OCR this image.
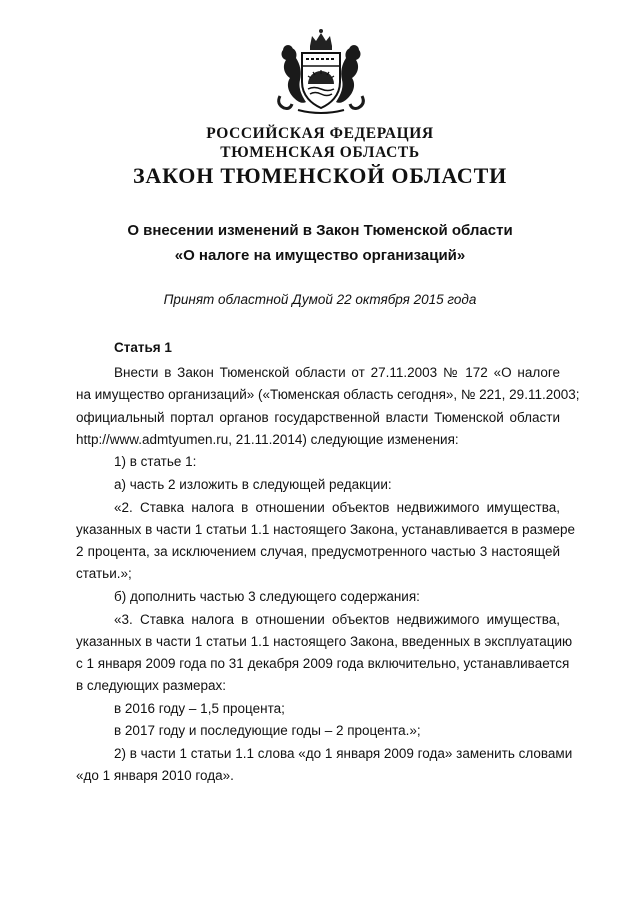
РОССИЙСКАЯ ФЕДЕРАЦИЯ
ТЮМЕНСКАЯ ОБЛАСТЬ
ЗАКОН ТЮМЕНСКОЙ ОБЛАСТИ
О внесении изменений в Закон Тюменской области
«О налоге на имущество организаций»
Принят областной Думой 22 октября 2015 года
Статья 1
Внести в Закон Тюменской области от 27.11.2003 № 172 «О налоге
на имущество организаций» («Тюменская область сегодня», № 221, 29.11.2003;
официальный портал органов государственной власти Тюменской области
http://www.admtyumen.ru, 21.11.2014) следующие изменения:
1) в статье 1:
а) часть 2 изложить в следующей редакции:
«2. Ставка налога в отношении объектов недвижимого имущества,
указанных в части 1 статьи 1.1 настоящего Закона, устанавливается в размере
2 процента, за исключением случая, предусмотренного частью 3 настоящей
статьи.»;
б) дополнить частью 3 следующего содержания:
«3. Ставка налога в отношении объектов недвижимого имущества,
указанных в части 1 статьи 1.1 настоящего Закона, введенных в эксплуатацию
с 1 января 2009 года по 31 декабря 2009 года включительно, устанавливается
в следующих размерах:
в 2016 году – 1,5 процента;
в 2017 году и последующие годы – 2 процента.»;
2) в части 1 статьи 1.1 слова «до 1 января 2009 года» заменить словами
«до 1 января 2010 года».
